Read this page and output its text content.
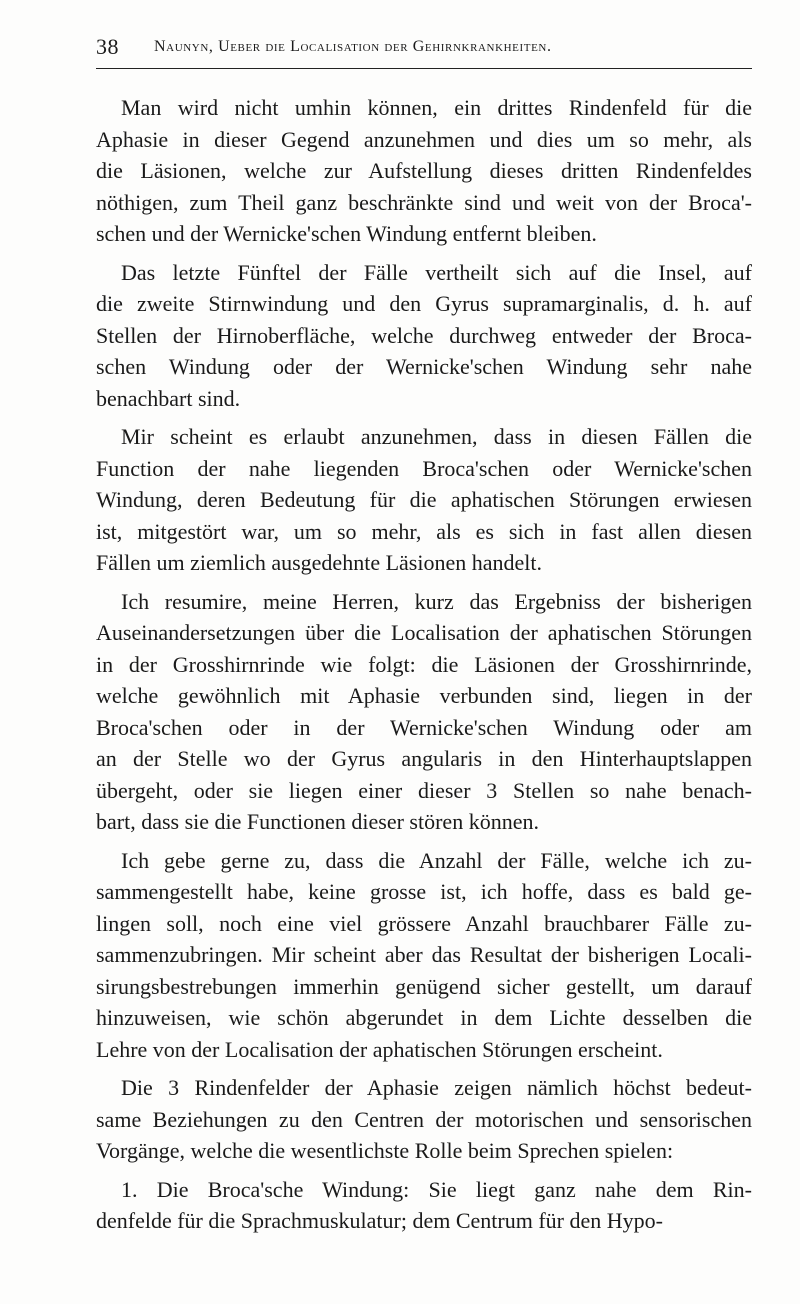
38 Naunyn, Ueber die Localisation der Gehirnkrankheiten.
Man wird nicht umhin können, ein drittes Rindenfeld für die
Aphasie in dieser Gegend anzunehmen und dies um so mehr, als
die Läsionen, welche zur Aufstellung dieses dritten Rindenfeldes
nöthigen, zum Theil ganz beschränkte sind und weit von der Broca'-
schen und der Wernicke'schen Windung entfernt bleiben.
Das letzte Fünftel der Fälle vertheilt sich auf die Insel, auf
die zweite Stirnwindung und den Gyrus supramarginalis, d. h. auf
Stellen der Hirnoberfläche, welche durchweg entweder der Broca-
schen Windung oder der Wernicke'schen Windung sehr nahe
benachbart sind.
Mir scheint es erlaubt anzunehmen, dass in diesen Fällen die
Function der nahe liegenden Broca'schen oder Wernicke'schen
Windung, deren Bedeutung für die aphatischen Störungen erwiesen
ist, mitgestört war, um so mehr, als es sich in fast allen diesen
Fällen um ziemlich ausgedehnte Läsionen handelt.
Ich resumire, meine Herren, kurz das Ergebniss der bisherigen
Auseinandersetzungen über die Localisation der aphatischen Störungen
in der Grosshirnrinde wie folgt: die Läsionen der Grosshirnrinde,
welche gewöhnlich mit Aphasie verbunden sind, liegen in der
Broca'schen oder in der Wernicke'schen Windung oder am
an der Stelle wo der Gyrus angularis in den Hinterhauptslappen
übergeht, oder sie liegen einer dieser 3 Stellen so nahe benach-
bart, dass sie die Functionen dieser stören können.
Ich gebe gerne zu, dass die Anzahl der Fälle, welche ich zu-
sammengestellt habe, keine grosse ist, ich hoffe, dass es bald ge-
lingen soll, noch eine viel grössere Anzahl brauchbarer Fälle zu-
sammenzubringen. Mir scheint aber das Resultat der bisherigen Locali-
sirungsbestrebungen immerhin genügend sicher gestellt, um darauf
hinzuweisen, wie schön abgerundet in dem Lichte desselben die
Lehre von der Localisation der aphatischen Störungen erscheint.
Die 3 Rindenfelder der Aphasie zeigen nämlich höchst bedeut-
same Beziehungen zu den Centren der motorischen und sensorischen
Vorgänge, welche die wesentlichste Rolle beim Sprechen spielen:
1. Die Broca'sche Windung: Sie liegt ganz nahe dem Rin-
denfelde für die Sprachmuskulatur; dem Centrum für den Hypo-
